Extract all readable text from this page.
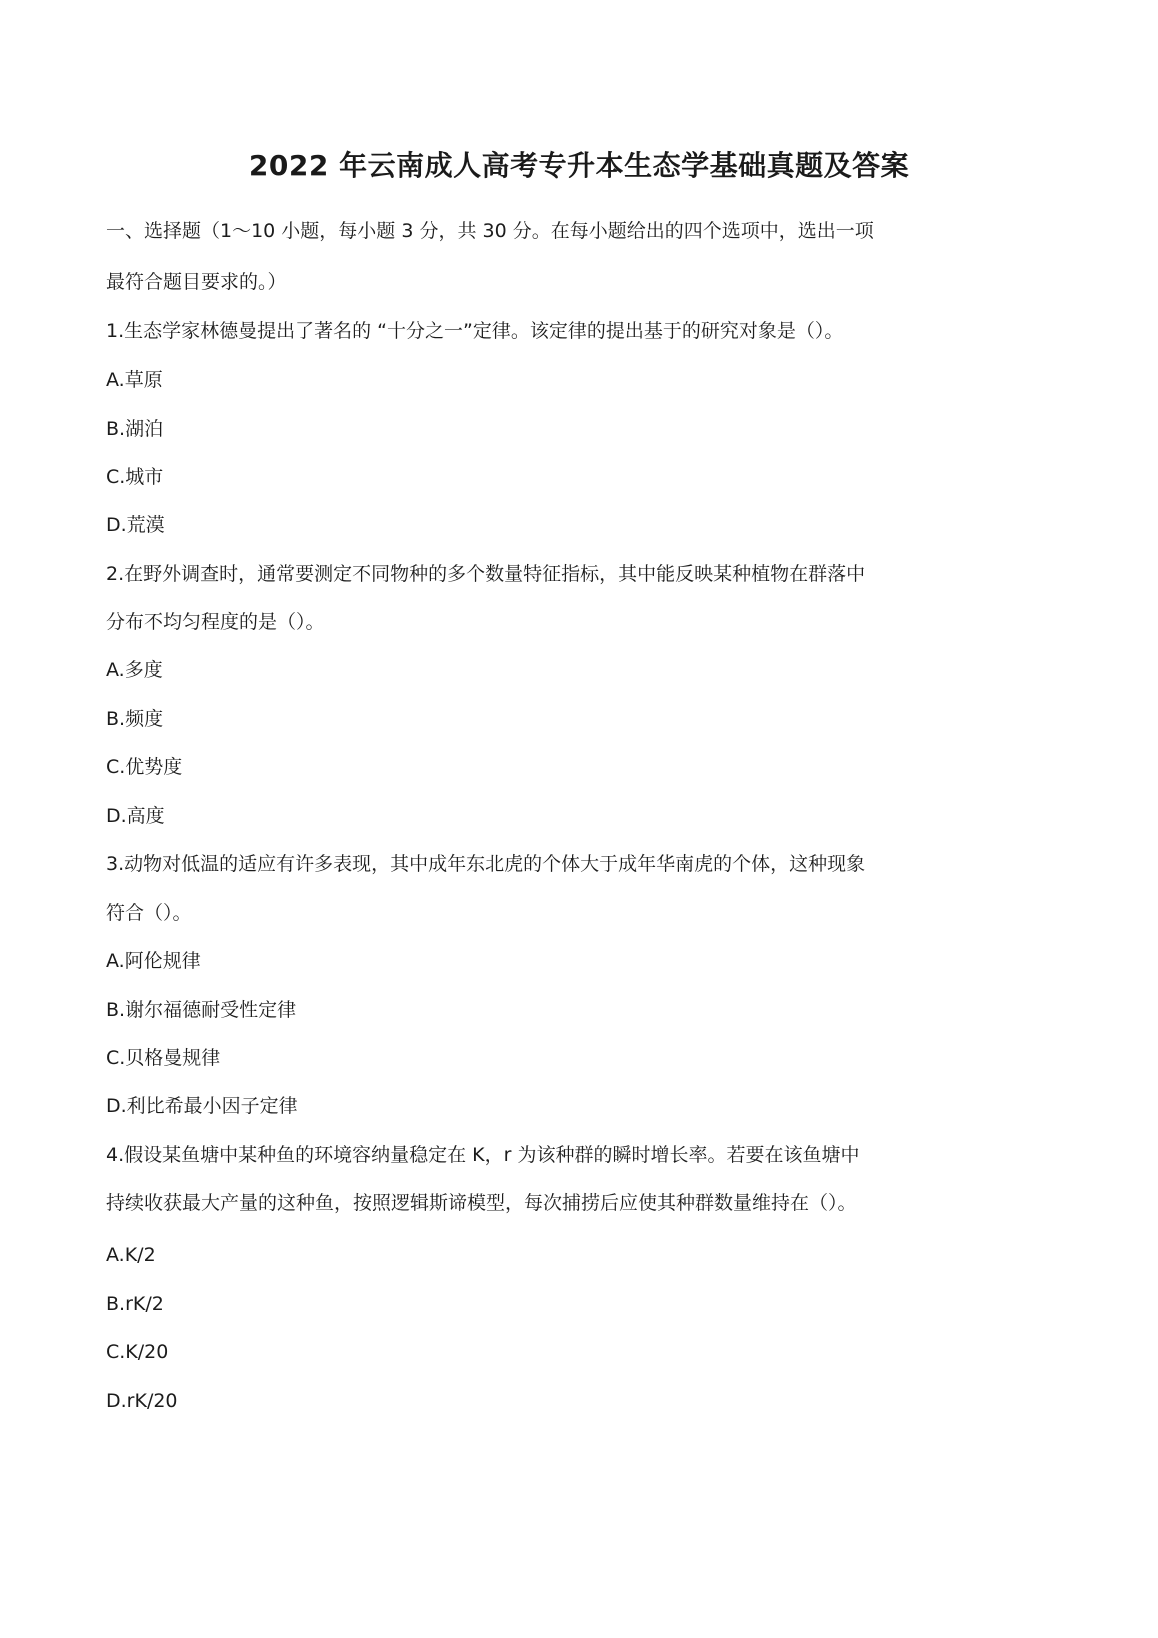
2022 年云南成人高考专升本生态学基础真题及答案
一、选择题（1〜10 小题，每小题 3 分，共 30 分。在每小题给出的四个选项中，选出一项
最符合题目要求的。）
1.生态学家林德曼提出了著名的 “十分之一”定律。该定律的提出基于的研究对象是（）。
A.草原
B.湖泊
C.城市
D.荒漠
2.在野外调查时，通常要测定不同物种的多个数量特征指标，其中能反映某种植物在群落中
分布不均匀程度的是（）。
A.多度
B.频度
C.优势度
D.高度
3.动物对低温的适应有许多表现，其中成年东北虎的个体大于成年华南虎的个体，这种现象
符合（）。
A.阿伦规律
B.谢尔福德耐受性定律
C.贝格曼规律
D.利比希最小因子定律
4.假设某鱼塘中某种鱼的环境容纳量稳定在 K，r 为该种群的瞬时增长率。若要在该鱼塘中
持续收获最大产量的这种鱼，按照逻辑斯谛模型，每次捕捞后应使其种群数量维持在（）。
A.K/2
B.rK/2
C.K/20
D.rK/20
